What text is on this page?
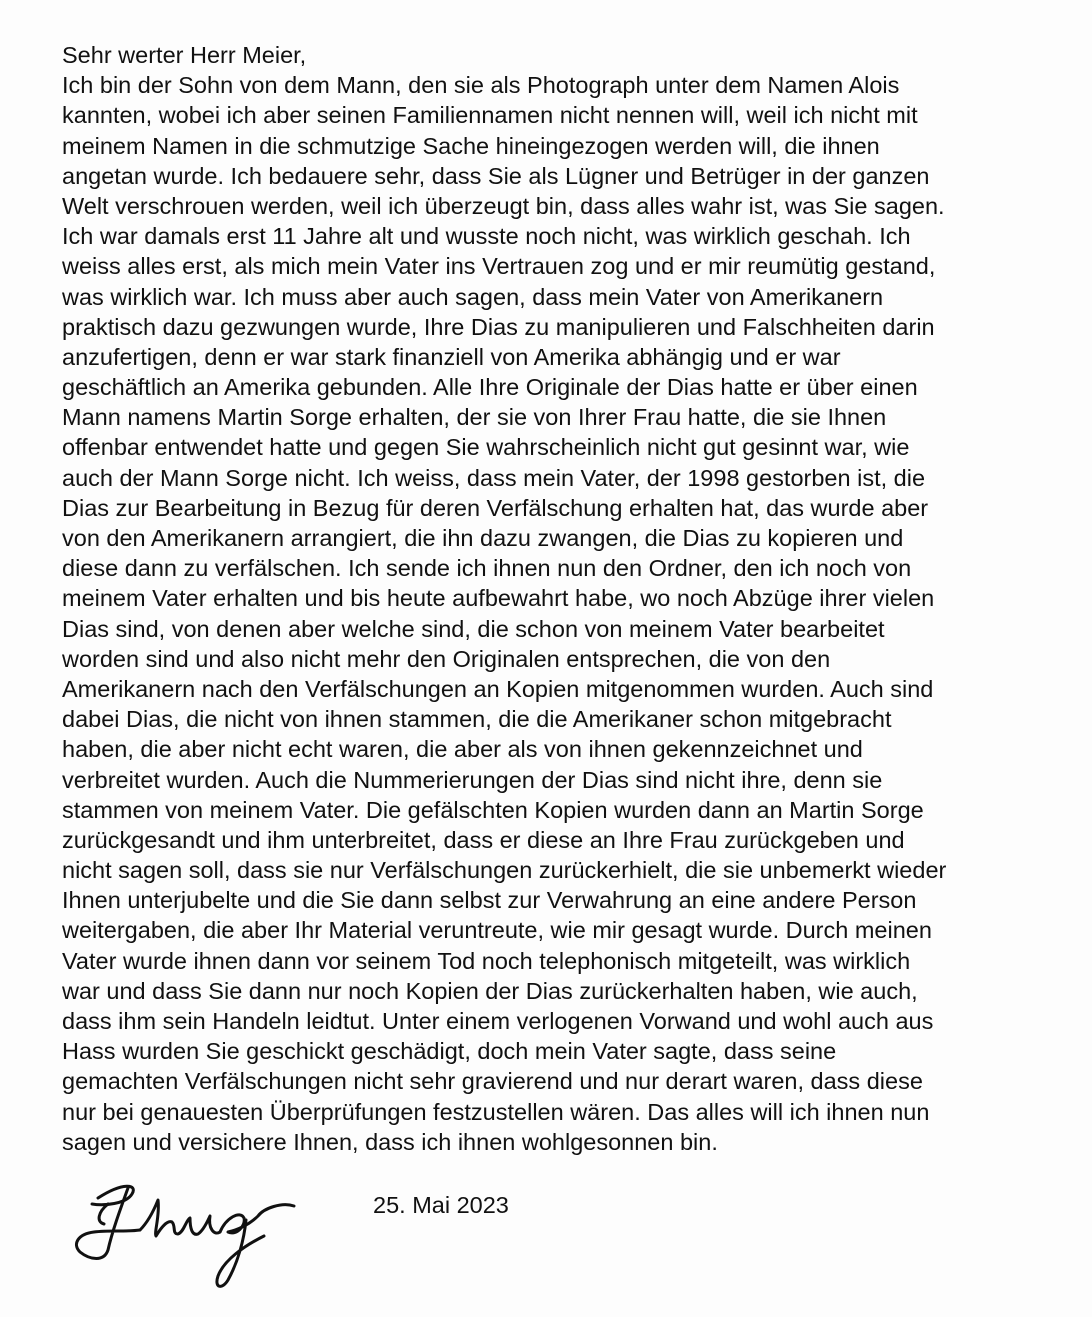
Sehr werter Herr Meier,
Ich bin der Sohn von dem Mann, den sie als Photograph unter dem Namen Alois
kannten, wobei ich aber seinen Familiennamen nicht nennen will, weil ich nicht mit
meinem Namen in die schmutzige Sache hineingezogen werden will, die ihnen
angetan wurde. Ich bedauere sehr, dass Sie als Lügner und Betrüger in der ganzen
Welt verschrouen werden, weil ich überzeugt bin, dass alles wahr ist, was Sie sagen.
Ich war damals erst 11 Jahre alt und wusste noch nicht, was wirklich geschah. Ich
weiss alles erst, als mich mein Vater ins Vertrauen zog und er mir reumütig gestand,
was wirklich war. Ich muss aber auch sagen, dass mein Vater von Amerikanern
praktisch dazu gezwungen wurde, Ihre Dias zu manipulieren und Falschheiten darin
anzufertigen, denn er war stark finanziell von Amerika abhängig und er war
geschäftlich an Amerika gebunden. Alle Ihre Originale der Dias hatte er über einen
Mann namens Martin Sorge erhalten, der sie von Ihrer Frau hatte, die sie Ihnen
offenbar entwendet hatte und gegen Sie wahrscheinlich nicht gut gesinnt war, wie
auch der Mann Sorge nicht. Ich weiss, dass mein Vater, der 1998 gestorben ist, die
Dias zur Bearbeitung in Bezug für deren Verfälschung erhalten hat, das wurde aber
von den Amerikanern arrangiert, die ihn dazu zwangen, die Dias zu kopieren und
diese dann zu verfälschen. Ich sende ich ihnen nun den Ordner, den ich noch von
meinem Vater erhalten und bis heute aufbewahrt habe, wo noch Abzüge ihrer vielen
Dias sind, von denen aber welche sind, die schon von meinem Vater bearbeitet
worden sind und also nicht mehr den Originalen entsprechen, die von den
Amerikanern nach den Verfälschungen an Kopien mitgenommen wurden. Auch sind
dabei Dias, die nicht von ihnen stammen, die die Amerikaner schon mitgebracht
haben, die aber nicht echt waren, die aber als von ihnen gekennzeichnet und
verbreitet wurden. Auch die Nummerierungen der Dias sind nicht ihre, denn sie
stammen von meinem Vater. Die gefälschten Kopien wurden dann an Martin Sorge
zurückgesandt und ihm unterbreitet, dass er diese an Ihre Frau zurückgeben und
nicht sagen soll, dass sie nur Verfälschungen zurückerhielt, die sie unbemerkt wieder
Ihnen unterjubelte und die Sie dann selbst zur Verwahrung an eine andere Person
weitergaben, die aber Ihr Material veruntreute, wie mir gesagt wurde. Durch meinen
Vater wurde ihnen dann vor seinem Tod noch telephonisch mitgeteilt, was wirklich
war und dass Sie dann nur noch Kopien der Dias zurückerhalten haben, wie auch,
dass ihm sein Handeln leidtut. Unter einem verlogenen Vorwand und wohl auch aus
Hass wurden Sie geschickt geschädigt, doch mein Vater sagte, dass seine
gemachten Verfälschungen nicht sehr gravierend und nur derart waren, dass diese
nur bei genauesten Überprüfungen festzustellen wären. Das alles will ich ihnen nun
sagen und versichere Ihnen, dass ich ihnen wohlgesonnen bin.
25. Mai 2023
